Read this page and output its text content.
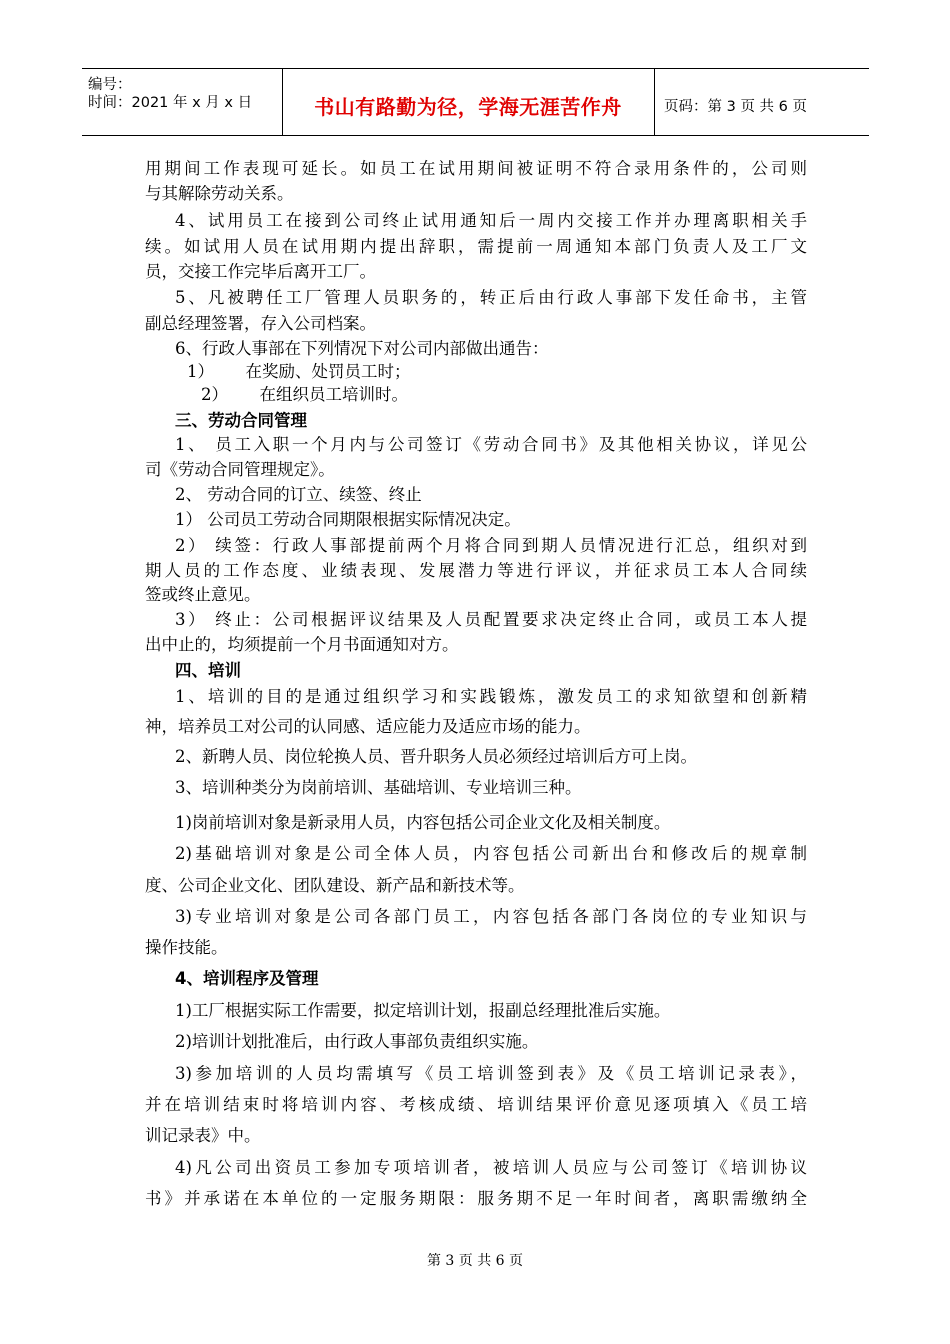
编号：
时间：2021 年 x 月 x 日	书山有路勤为径，学海无涯苦作舟	页码：第 3 页 共 6 页
用期间工作表现可延长。如员工在试用期间被证明不符合录用条件的，公司则
与其解除劳动关系。
4、试用员工在接到公司终止试用通知后一周内交接工作并办理离职相关手
续。如试用人员在试用期内提出辞职，需提前一周通知本部门负责人及工厂文
员，交接工作完毕后离开工厂。
5、凡被聘任工厂管理人员职务的，转正后由行政人事部下发任命书，主管
副总经理签署，存入公司档案。
6、行政人事部在下列情况下对公司内部做出通告：
1）      在奖励、处罚员工时；
2）      在组织员工培训时。
三、劳动合同管理
1、 员工入职一个月内与公司签订《劳动合同书》及其他相关协议，详见公
司《劳动合同管理规定》。
2、 劳动合同的订立、续签、终止
1） 公司员工劳动合同期限根据实际情况决定。
2） 续签：行政人事部提前两个月将合同到期人员情况进行汇总，组织对到
期人员的工作态度、业绩表现、发展潜力等进行评议，并征求员工本人合同续
签或终止意见。
3） 终止：公司根据评议结果及人员配置要求决定终止合同，或员工本人提
出中止的，均须提前一个月书面通知对方。
四、培训
1、培训的目的是通过组织学习和实践锻炼，激发员工的求知欲望和创新精
神，培养员工对公司的认同感、适应能力及适应市场的能力。
2、新聘人员、岗位轮换人员、晋升职务人员必须经过培训后方可上岗。
3、培训种类分为岗前培训、基础培训、专业培训三种。
1)岗前培训对象是新录用人员，内容包括公司企业文化及相关制度。
2)基础培训对象是公司全体人员，内容包括公司新出台和修改后的规章制
度、公司企业文化、团队建设、新产品和新技术等。
3)专业培训对象是公司各部门员工，内容包括各部门各岗位的专业知识与
操作技能。
4、培训程序及管理
1)工厂根据实际工作需要，拟定培训计划，报副总经理批准后实施。
2)培训计划批准后，由行政人事部负责组织实施。
3)参加培训的人员均需填写《员工培训签到表》及《员工培训记录表》，
并在培训结束时将培训内容、考核成绩、培训结果评价意见逐项填入《员工培
训记录表》中。
4)凡公司出资员工参加专项培训者，被培训人员应与公司签订《培训协议
书》并承诺在本单位的一定服务期限：服务期不足一年时间者，离职需缴纳全
第 3 页 共 6 页
